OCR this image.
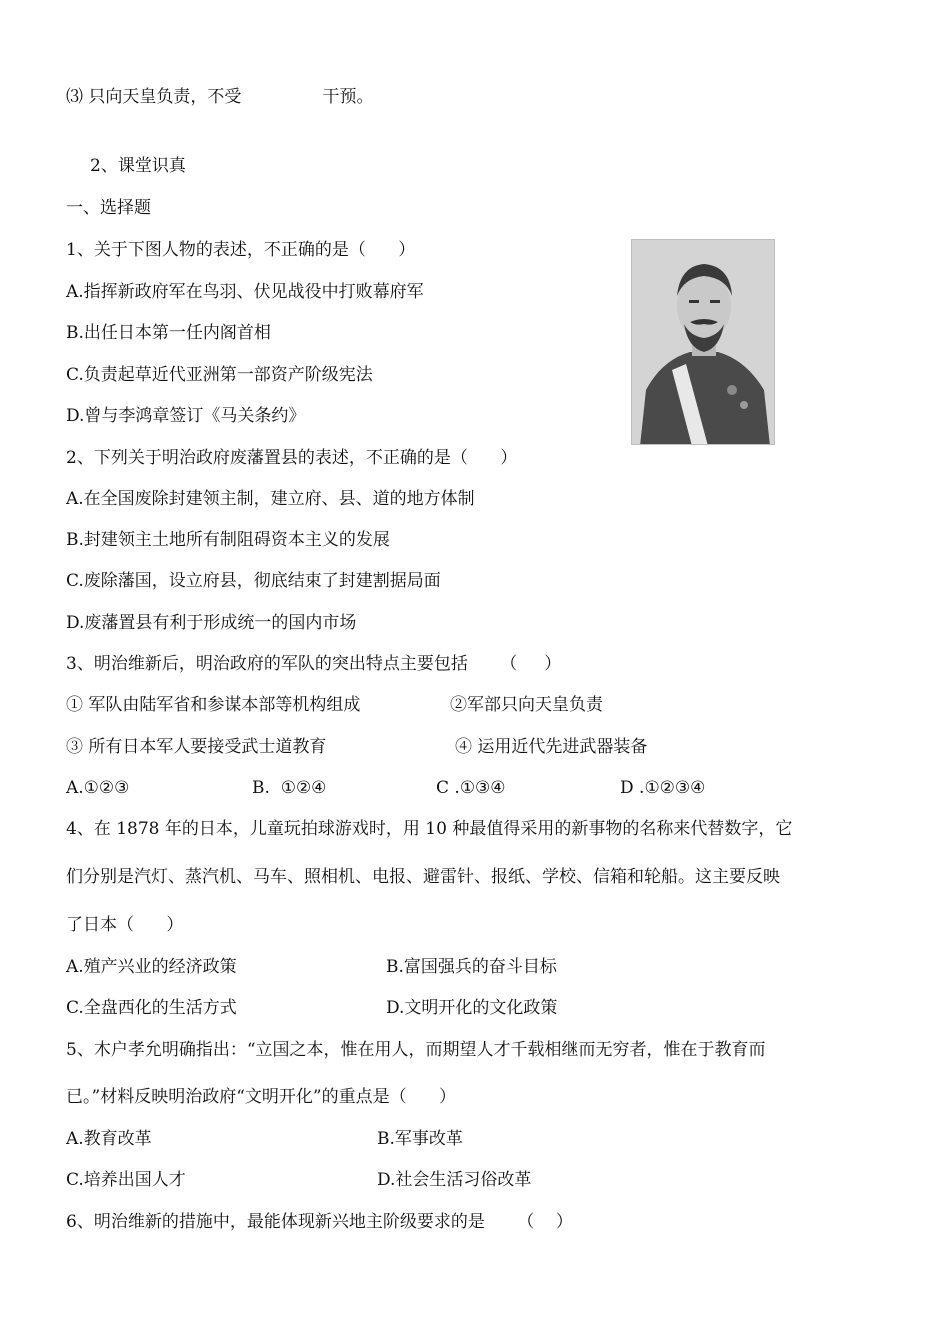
⑶ 只向天皇负责，不受               干预。
2、课堂识真
一、选择题
1、关于下图人物的表述，不正确的是（      ）
A.指挥新政府军在鸟羽、伏见战役中打败幕府军
B.出任日本第一任内阁首相
C.负责起草近代亚洲第一部资产阶级宪法
D.曾与李鸿章签订《马关条约》
2、下列关于明治政府废藩置县的表述，不正确的是（      ）
A.在全国废除封建领主制，建立府、县、道的地方体制
B.封建领主土地所有制阻碍资本主义的发展
C.废除藩国，设立府县，彻底结束了封建割据局面
D.废藩置县有利于形成统一的国内市场
3、明治维新后，明治政府的军队的突出特点主要包括      （     ）
① 军队由陆军省和参谋本部等机构组成	②军部只向天皇负责
③ 所有日本军人要接受武士道教育	④ 运用近代先进武器装备
A.①②③	B.  ①②④	C .①③④	D .①②③④
4、在 1878 年的日本，儿童玩拍球游戏时，用 10 种最值得采用的新事物的名称来代替数字，它
们分别是汽灯、蒸汽机、马车、照相机、电报、避雷针、报纸、学校、信箱和轮船。这主要反映
了日本（      ）
A.殖产兴业的经济政策	B.富国强兵的奋斗目标
C.全盘西化的生活方式	D.文明开化的文化政策
5、木户孝允明确指出：“立国之本，惟在用人，而期望人才千载相继而无穷者，惟在于教育而
已。”材料反映明治政府“文明开化”的重点是（      ）
A.教育改革	B.军事改革
C.培养出国人才	D.社会生活习俗改革
6、明治维新的措施中，最能体现新兴地主阶级要求的是      （    ）
